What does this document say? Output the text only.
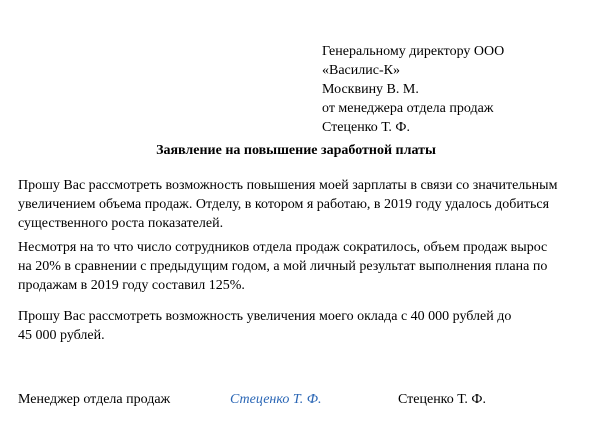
Генеральному директору ООО
«Василис-К»
Москвину В. М.
от менеджера отдела продаж
Стеценко Т. Ф.
Заявление на повышение заработной платы
Прошу Вас рассмотреть возможность повышения моей зарплаты в связи со значительным
увеличением объема продаж. Отделу, в котором я работаю, в 2019 году удалось добиться
существенного роста показателей.
Несмотря на то что число сотрудников отдела продаж сократилось, объем продаж вырос
на 20% в сравнении с предыдущим годом, а мой личный результат выполнения плана по
продажам в 2019 году составил 125%.
Прошу Вас рассмотреть возможность увеличения моего оклада с 40 000 рублей до
45 000 рублей.
Менеджер отдела продаж	Стеценко Т. Ф.	Стеценко Т. Ф.
